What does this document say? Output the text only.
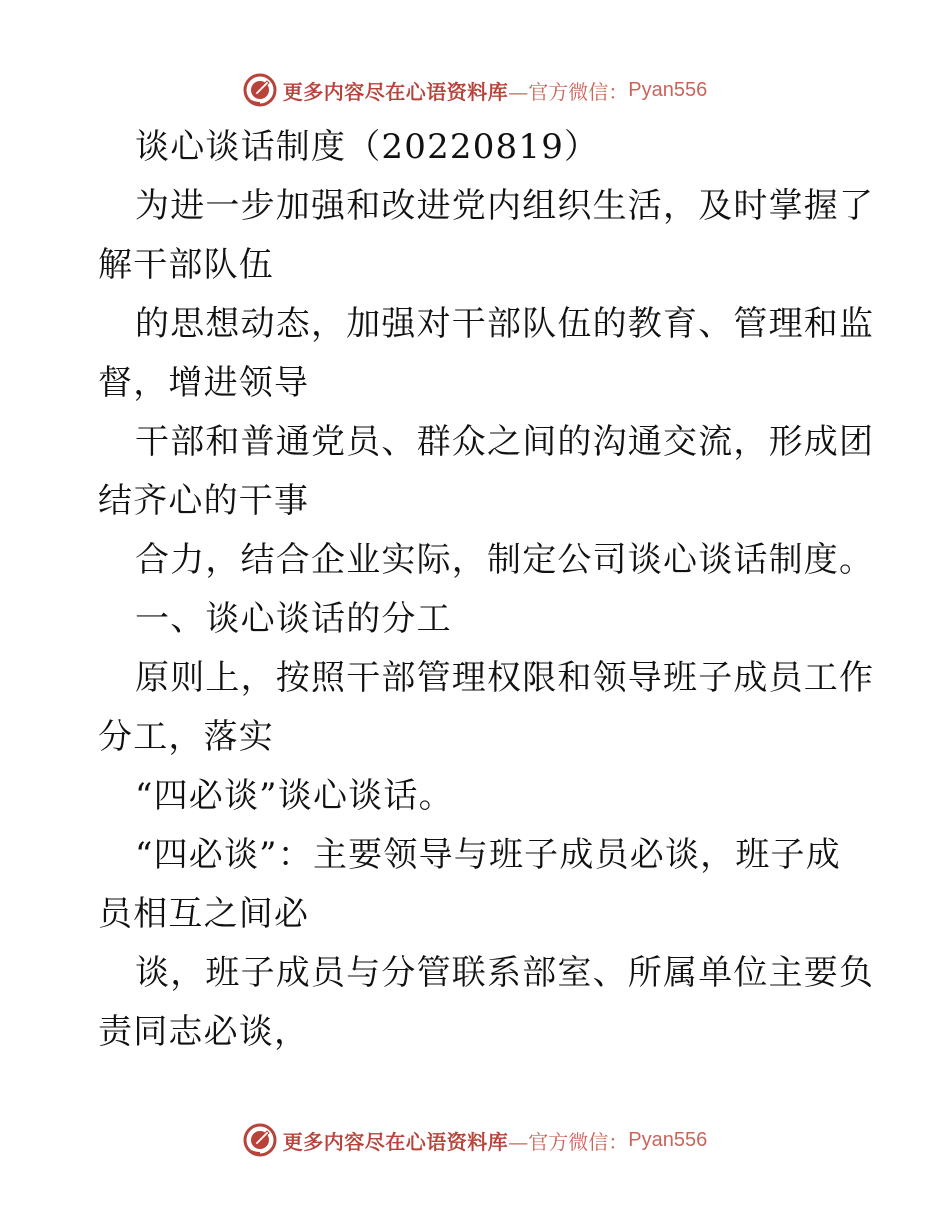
更多内容尽在心语资料库 —官方微信： Pyan556
谈心谈话制度（20220819）
为进一步加强和改进党内组织生活，及时掌握了
解干部队伍
的思想动态，加强对干部队伍的教育、管理和监
督，增进领导
干部和普通党员、群众之间的沟通交流，形成团
结齐心的干事
合力，结合企业实际，制定公司谈心谈话制度。
一、谈心谈话的分工
原则上，按照干部管理权限和领导班子成员工作
分工，落实
“四必谈”谈心谈话。
“四必谈”：主要领导与班子成员必谈，班子成
员相互之间必
谈，班子成员与分管联系部室、所属单位主要负
责同志必谈，
更多内容尽在心语资料库 —官方微信： Pyan556
